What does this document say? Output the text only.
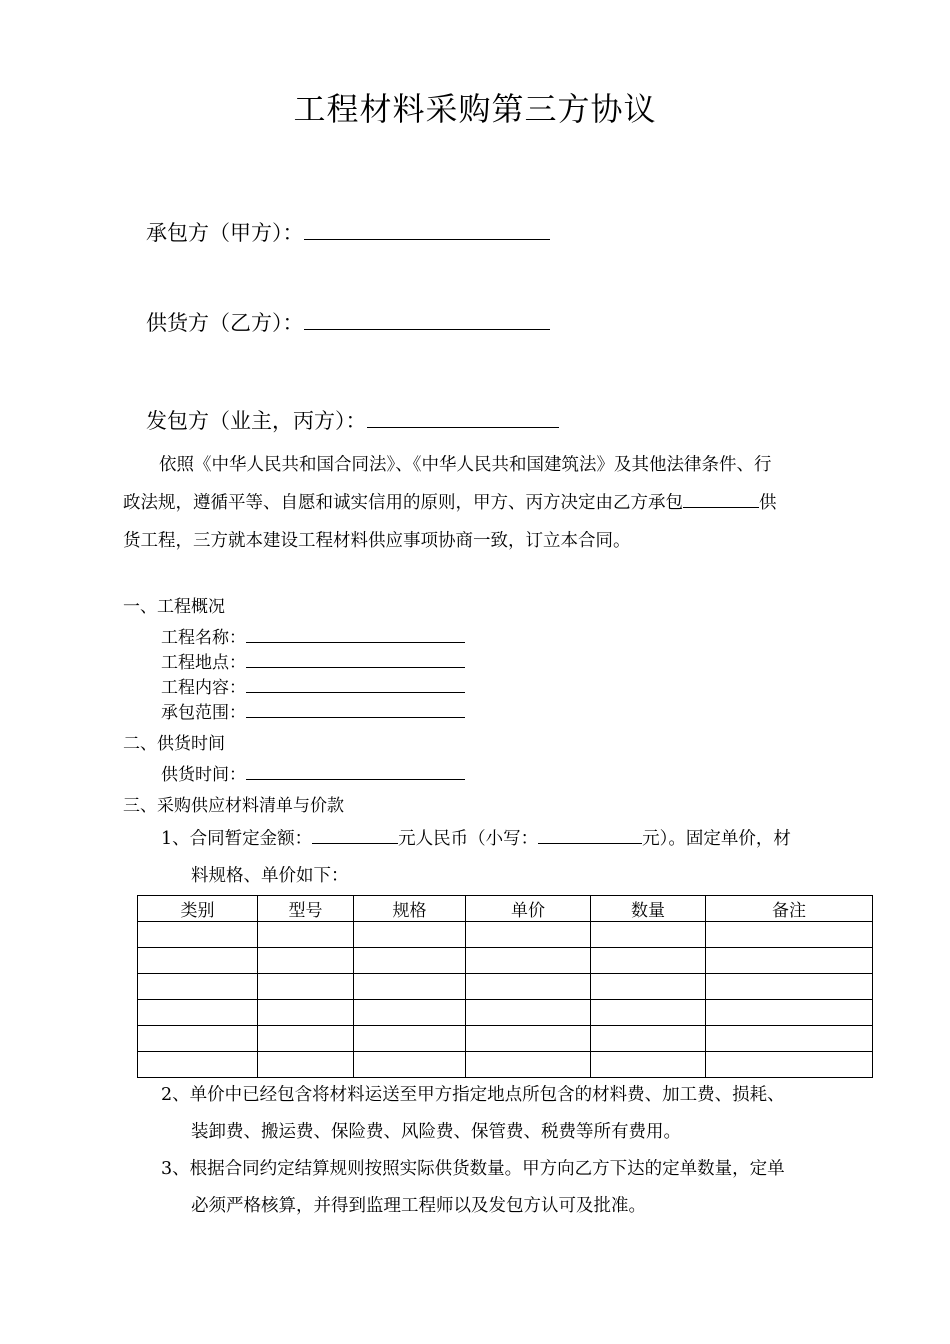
工程材料采购第三方协议
承包方（甲方）：
供货方（乙方）：
发包方（业主，丙方）：
依照《中华人民共和国合同法》、《中华人民共和国建筑法》及其他法律条件、行
政法规，遵循平等、自愿和诚实信用的原则，甲方、丙方决定由乙方承包	供
货工程，三方就本建设工程材料供应事项协商一致，订立本合同。
一、工程概况
工程名称：
工程地点：
工程内容：
承包范围：
二、供货时间
供货时间：
三、采购供应材料清单与价款
1、合同暂定金额：	元人民币（小写：	元）。固定单价，材
料规格、单价如下：
类别	型号	规格	单价	数量	备注

2、单价中已经包含将材料运送至甲方指定地点所包含的材料费、加工费、损耗、
装卸费、搬运费、保险费、风险费、保管费、税费等所有费用。
3、根据合同约定结算规则按照实际供货数量。甲方向乙方下达的定单数量，定单
必须严格核算，并得到监理工程师以及发包方认可及批准。
